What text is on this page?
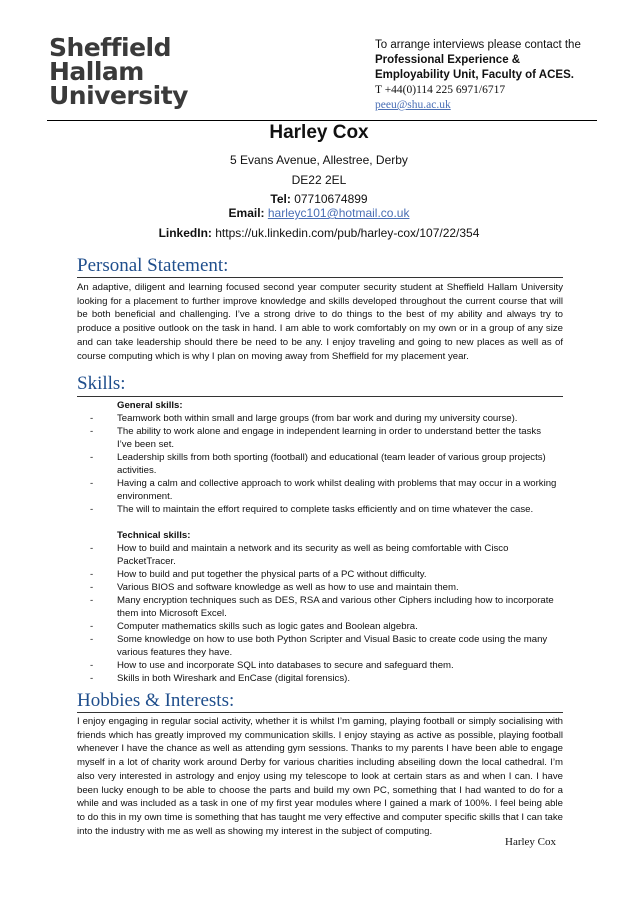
Sheffield
Hallam
University
To arrange interviews please contact the
Professional Experience &
Employability Unit, Faculty of ACES.
T +44(0)114 225 6971/6717
peeu@shu.ac.uk
Harley Cox
5 Evans Avenue, Allestree, Derby
DE22 2EL
Tel: 07710674899
Email: harleyc101@hotmail.co.uk
LinkedIn: https://uk.linkedin.com/pub/harley-cox/107/22/354
Personal Statement:
An adaptive, diligent and learning focused second year computer security student at Sheffield Hallam University looking for a placement to further improve knowledge and skills developed throughout the current course that will be both beneficial and challenging. I’ve a strong drive to do things to the best of my ability and always try to produce a positive outlook on the task in hand. I am able to work comfortably on my own or in a group of any size and can take leadership should there be need to be any. I enjoy traveling and going to new places as well as of course computing which is why I plan on moving away from Sheffield for my placement year.
Skills:
General skills:
- Teamwork both within small and large groups (from bar work and during my university course).
- The ability to work alone and engage in independent learning in order to understand better the tasks I’ve been set.
- Leadership skills from both sporting (football) and educational (team leader of various group projects) activities.
- Having a calm and collective approach to work whilst dealing with problems that may occur in a working environment.
- The will to maintain the effort required to complete tasks efficiently and on time whatever the case.
Technical skills:
- How to build and maintain a network and its security as well as being comfortable with Cisco PacketTracer.
- How to build and put together the physical parts of a PC without difficulty.
- Various BIOS and software knowledge as well as how to use and maintain them.
- Many encryption techniques such as DES, RSA and various other Ciphers including how to incorporate them into Microsoft Excel.
- Computer mathematics skills such as logic gates and Boolean algebra.
- Some knowledge on how to use both Python Scripter and Visual Basic to create code using the many various features they have.
- How to use and incorporate SQL into databases to secure and safeguard them.
- Skills in both Wireshark and EnCase (digital forensics).
Hobbies & Interests:
I enjoy engaging in regular social activity, whether it is whilst I’m gaming, playing football or simply socialising with friends which has greatly improved my communication skills. I enjoy staying as active as possible, playing football whenever I have the chance as well as attending gym sessions. Thanks to my parents I have been able to engage myself in a lot of charity work around Derby for various charities including abseiling down the local cathedral. I’m also very interested in astrology and enjoy using my telescope to look at certain stars as and when I can. I have been lucky enough to be able to choose the parts and build my own PC, something that I had wanted to do for a while and was included as a task in one of my first year modules where I gained a mark of 100%. I feel being able to do this in my own time is something that has taught me very effective and computer specific skills that I can take into the industry with me as well as showing my interest in the subject of computing.
Harley Cox
